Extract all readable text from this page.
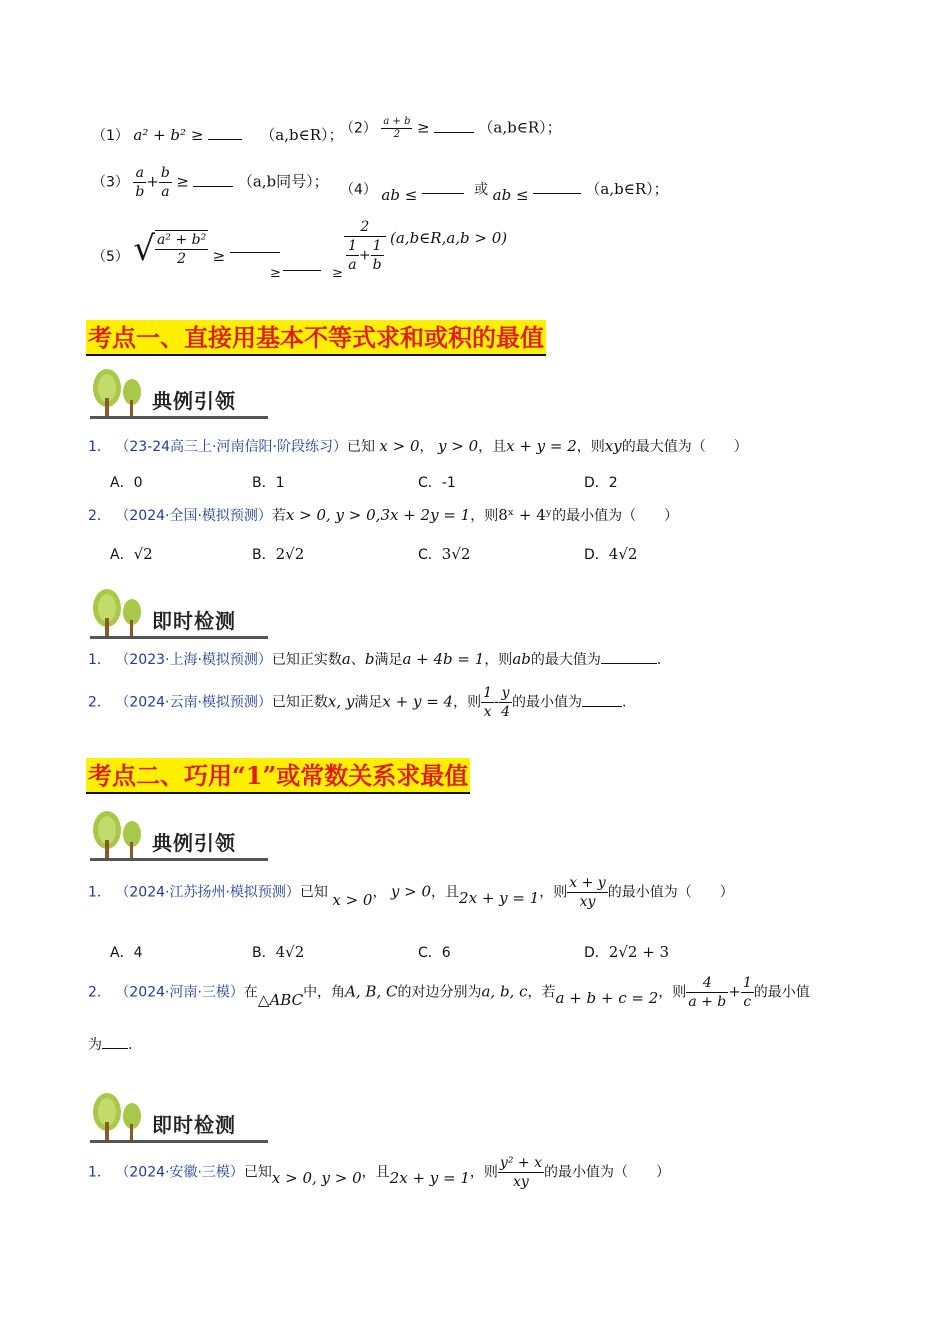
（1） a² + b² ≥	（a,b∈R）；
$(2) \frac{a + b}{2}$ ≥	（a,b∈R）；
$(3) \frac{a}{b} + \frac{b}{a}$ ≥	（a,b同号）； （4） ab ≤	或 ab ≤	（a,b∈R）；
（5） √ $\frac{\text{a² + b²}}{2}$ ≥
≥	≥ $\frac{2}{\frac{1}{a} + \frac{1}{b}}$ (a,b∈R,a,b > 0)
考点一、直接用基本不等式求和或积的最值
典例引领
1． （23-24高三上·河南信阳·阶段练习）已知 x > 0， y > 0，且x + y = 2，则xy的最大值为（　　）
A．0	B．1	C．-1	D．2
2． （2024·全国·模拟预测）若x > 0, y > 0,3x + 2y = 1，则8ˣ + 4ʸ的最小值为（　　）
A．√2	B．2√2	C．3√2	D．4√2
即时检测
1． （2023·上海·模拟预测）已知正实数a、b满足a + 4b = 1，则ab的最大值为	.
2． （2024·云南·模拟预测）已知正数x, y满足x + y = 4，则 $\frac{1}{x} - \frac{y}{4}$ 的最小值为	.
考点二、巧用“1”或常数关系求最值
典例引领
1． （2024·江苏扬州·模拟预测）已知 x > 0， y > 0，且2x + y = 1，则 $\frac{x + y}{xy}$ 的最小值为（　　）
A．4	B．4√2	C．6	D．2√2 + 3
2． （2024·河南·三模）在△ABC中，角A, B, C的对边分别为a, b, c，若a + b + c = 2，则 $\frac{4}{a + b} + \frac{1}{c}$ 的最小值
为 .
即时检测
1． （2024·安徽·三模）已知x > 0, y > 0，且2x + y = 1，则 $\frac{\text{y² + x}}{xy}$ 的最小值为（　　）
